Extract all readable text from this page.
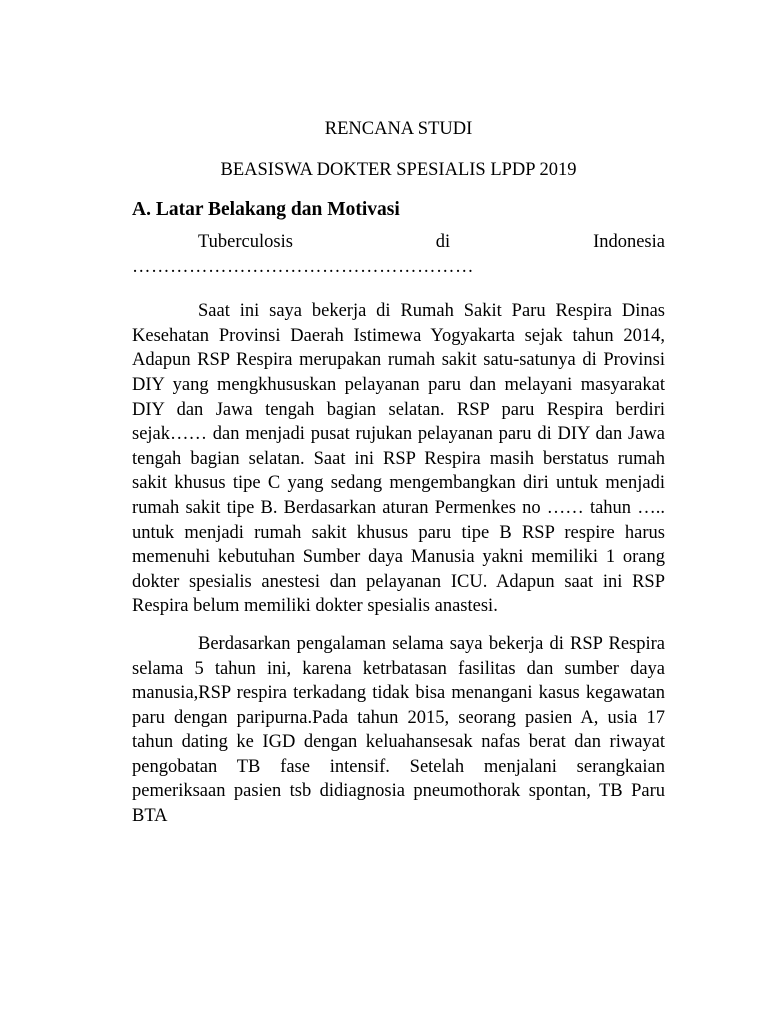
RENCANA STUDI

BEASISWA DOKTER SPESIALIS LPDP 2019

A. Latar Belakang dan Motivasi
Tuberculosis	di	Indonesia
………………………………………………

Saat ini saya bekerja di Rumah Sakit Paru Respira Dinas Kesehatan Provinsi Daerah Istimewa Yogyakarta sejak tahun 2014, Adapun RSP Respira merupakan rumah sakit satu-satunya di Provinsi DIY yang mengkhususkan pelayanan paru dan melayani masyarakat DIY dan Jawa tengah bagian selatan. RSP paru Respira berdiri sejak…… dan menjadi pusat rujukan pelayanan paru di DIY dan Jawa tengah bagian selatan. Saat ini RSP Respira masih berstatus rumah sakit khusus tipe C yang sedang mengembangkan diri untuk menjadi rumah sakit tipe B. Berdasarkan aturan Permenkes no …… tahun ….. untuk menjadi rumah sakit khusus paru tipe B RSP respire harus memenuhi kebutuhan Sumber daya Manusia yakni memiliki 1 orang dokter spesialis anestesi dan pelayanan ICU. Adapun saat ini RSP Respira belum memiliki dokter spesialis anastesi.

Berdasarkan pengalaman selama saya bekerja di RSP Respira selama 5 tahun ini, karena ketrbatasan fasilitas dan sumber daya manusia,RSP respira terkadang tidak bisa menangani kasus kegawatan paru dengan paripurna.Pada tahun 2015, seorang pasien A, usia 17 tahun dating ke IGD dengan keluahansesak nafas berat dan riwayat pengobatan TB fase intensif. Setelah menjalani serangkaian pemeriksaan pasien tsb didiagnosia pneumothorak spontan, TB Paru BTA
